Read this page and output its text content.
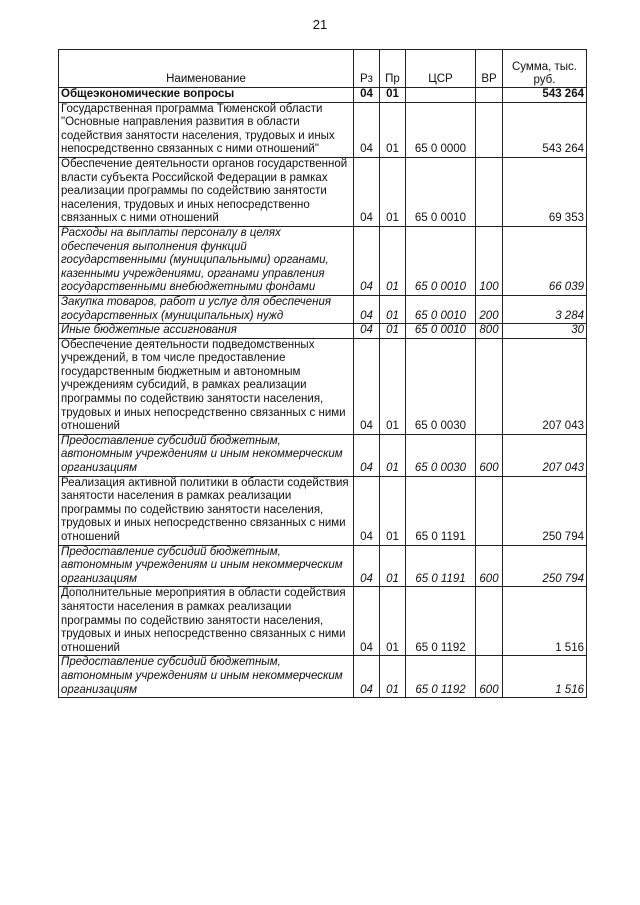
21
Наименование	Рз	Пр	ЦСР	ВР	Сумма, тыс. руб.
Общеэкономические вопросы	04	01			543 264
Государственная программа Тюменской области "Основные направления развития в области содействия занятости населения, трудовых и иных непосредственно связанных с ними отношений"	04	01	65 0 0000		543 264
Обеспечение деятельности органов государственной власти субъекта Российской Федерации в рамках реализации программы по содействию занятости населения, трудовых и иных непосредственно связанных с ними отношений	04	01	65 0 0010		69 353
Расходы на выплаты персоналу в целях обеспечения выполнения функций государственными (муниципальными) органами, казенными учреждениями, органами управления государственными внебюджетными фондами	04	01	65 0 0010	100	66 039
Закупка товаров, работ и услуг для обеспечения государственных (муниципальных) нужд	04	01	65 0 0010	200	3 284
Иные бюджетные ассигнования	04	01	65 0 0010	800	30
Обеспечение деятельности подведомственных учреждений, в том числе предоставление государственным бюджетным и автономным учреждениям субсидий, в рамках реализации программы по содействию занятости населения, трудовых и иных непосредственно связанных с ними отношений	04	01	65 0 0030		207 043
Предоставление субсидий бюджетным, автономным учреждениям и иным некоммерческим организациям	04	01	65 0 0030	600	207 043
Реализация активной политики в области содействия занятости населения в рамках реализации программы по содействию занятости населения, трудовых и иных непосредственно связанных с ними отношений	04	01	65 0 1191		250 794
Предоставление субсидий бюджетным, автономным учреждениям и иным некоммерческим организациям	04	01	65 0 1191	600	250 794
Дополнительные мероприятия в области содействия занятости населения в рамках реализации программы по содействию занятости населения, трудовых и иных непосредственно связанных с ними отношений	04	01	65 0 1192		1 516
Предоставление субсидий бюджетным, автономным учреждениям и иным некоммерческим организациям	04	01	65 0 1192	600	1 516
